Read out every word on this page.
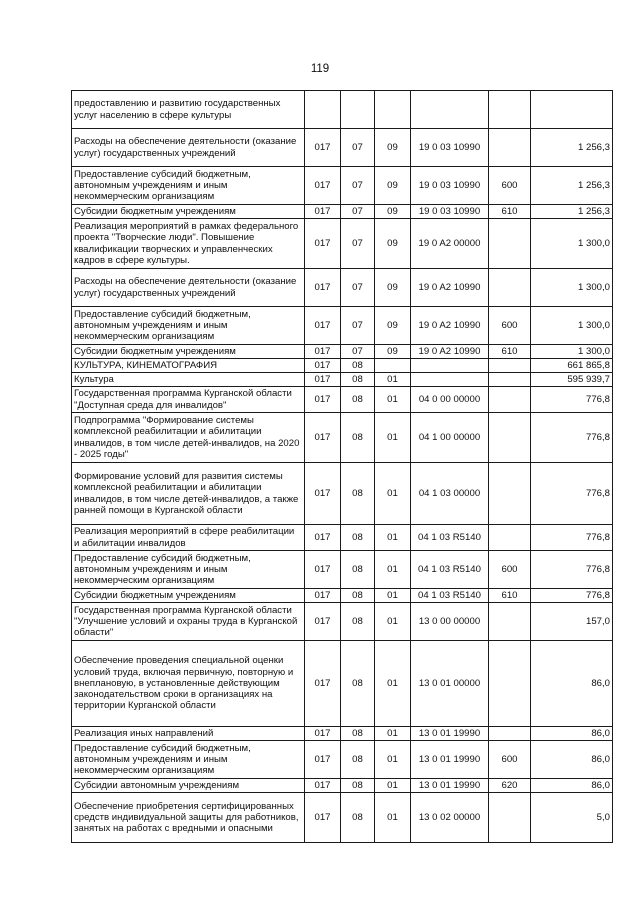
119
предоставлению и развитию государственных услуг населению в сфере культуры						
Расходы на обеспечение деятельности (оказание услуг) государственных учреждений	017	07	09	19 0 03 10990		1 256,3
Предоставление субсидий бюджетным, автономным учреждениям и иным некоммерческим организациям	017	07	09	19 0 03 10990	600	1 256,3
Субсидии бюджетным учреждениям	017	07	09	19 0 03 10990	610	1 256,3
Реализация мероприятий в рамках федерального проекта "Творческие люди". Повышение квалификации творческих и управленческих кадров в сфере культуры.	017	07	09	19 0 A2 00000		1 300,0
Расходы на обеспечение деятельности (оказание услуг) государственных учреждений	017	07	09	19 0 A2 10990		1 300,0
Предоставление субсидий бюджетным, автономным учреждениям и иным некоммерческим организациям	017	07	09	19 0 A2 10990	600	1 300,0
Субсидии бюджетным учреждениям	017	07	09	19 0 A2 10990	610	1 300,0
КУЛЬТУРА, КИНЕМАТОГРАФИЯ	017	08				661 865,8
Культура	017	08	01			595 939,7
Государственная программа Курганской области "Доступная среда для инвалидов"	017	08	01	04 0 00 00000		776,8
Подпрограмма "Формирование системы комплексной реабилитации и абилитации инвалидов, в том числе детей-инвалидов, на 2020 - 2025 годы"	017	08	01	04 1 00 00000		776,8
Формирование условий для развития системы комплексной реабилитации и абилитации инвалидов, в том числе детей-инвалидов, а также ранней помощи в Курганской области	017	08	01	04 1 03 00000		776,8
Реализация мероприятий в сфере реабилитации и абилитации инвалидов	017	08	01	04 1 03 R5140		776,8
Предоставление субсидий бюджетным, автономным учреждениям и иным некоммерческим организациям	017	08	01	04 1 03 R5140	600	776,8
Субсидии бюджетным учреждениям	017	08	01	04 1 03 R5140	610	776,8
Государственная программа Курганской области "Улучшение условий и охраны труда в Курганской области"	017	08	01	13 0 00 00000		157,0
Обеспечение проведения специальной оценки условий труда, включая первичную, повторную и внеплановую, в установленные действующим законодательством сроки в организациях на территории Курганской области	017	08	01	13 0 01 00000		86,0
Реализация иных направлений	017	08	01	13 0 01 19990		86,0
Предоставление субсидий бюджетным, автономным учреждениям и иным некоммерческим организациям	017	08	01	13 0 01 19990	600	86,0
Субсидии автономным учреждениям	017	08	01	13 0 01 19990	620	86,0
Обеспечение приобретения сертифицированных средств индивидуальной защиты для работников, занятых на работах с вредными и опасными	017	08	01	13 0 02 00000		5,0
